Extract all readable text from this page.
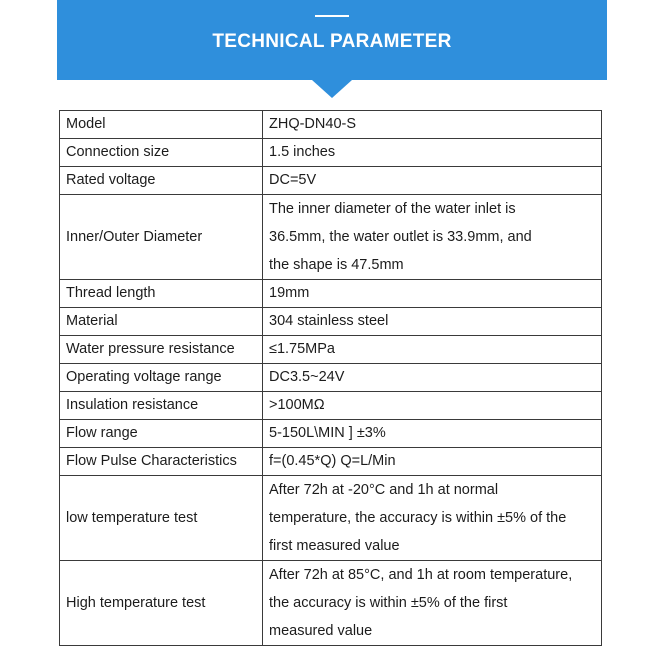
TECHNICAL PARAMETER
Model	ZHQ-DN40-S

Connection size	1.5 inches

Rated voltage	DC=5V

Inner/Outer Diameter	The inner diameter of the water inlet is
36.5mm, the water outlet is 33.9mm, and
the shape is 47.5mm

Thread length	19mm

Material	304 stainless steel

Water pressure resistance	≤1.75MPa

Operating voltage range	DC3.5~24V

Insulation resistance	>100MΩ

Flow range	5-150L\MIN ] ±3%

Flow Pulse Characteristics	f=(0.45*Q) Q=L/Min

low temperature test	After 72h at -20°C and 1h at normal
temperature, the accuracy is within ±5% of the
first measured value

High temperature test	After 72h at 85°C, and 1h at room temperature,
the accuracy is within ±5% of the first
measured value
